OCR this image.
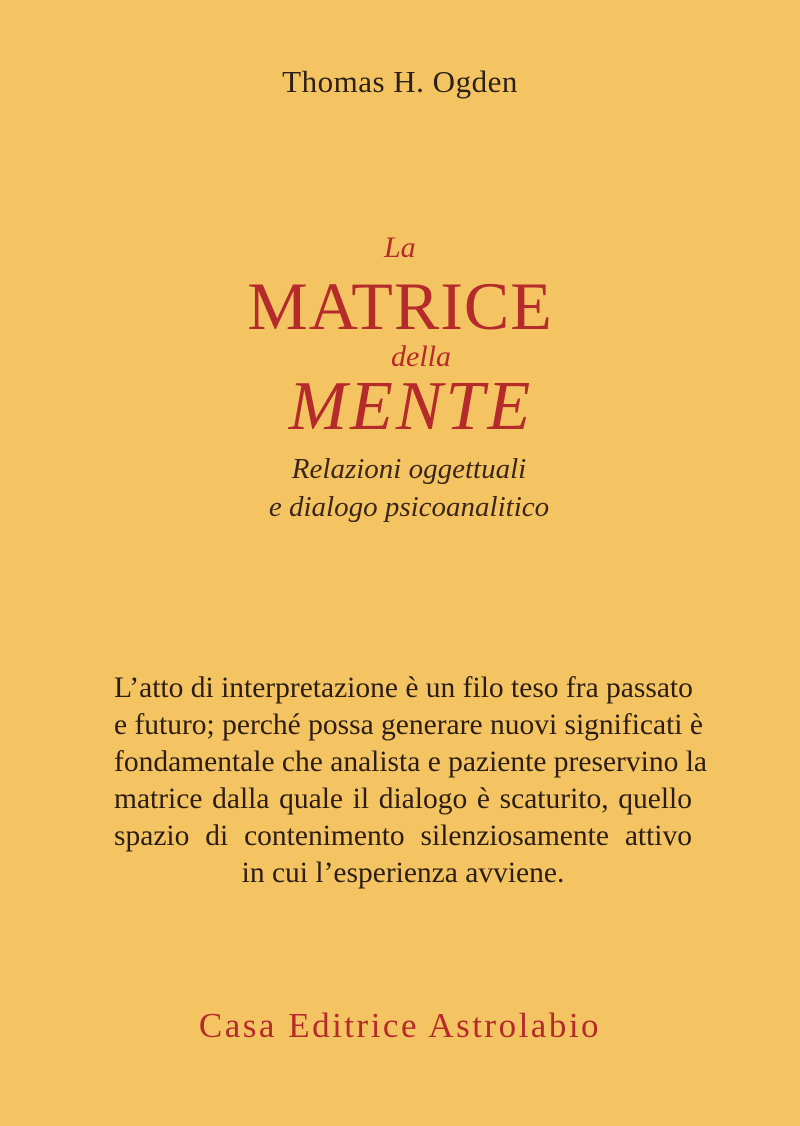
Thomas H. Ogden
La
MATRICE
della
MENTE
Relazioni oggettuali
e dialogo psicoanalitico
L’atto di interpretazione è un filo teso fra passato
e futuro; perché possa generare nuovi significati è
fondamentale che analista e paziente preservino la
matrice dalla quale il dialogo è scaturito, quello
spazio di contenimento silenziosamente attivo
in cui l’esperienza avviene.
Casa Editrice Astrolabio
